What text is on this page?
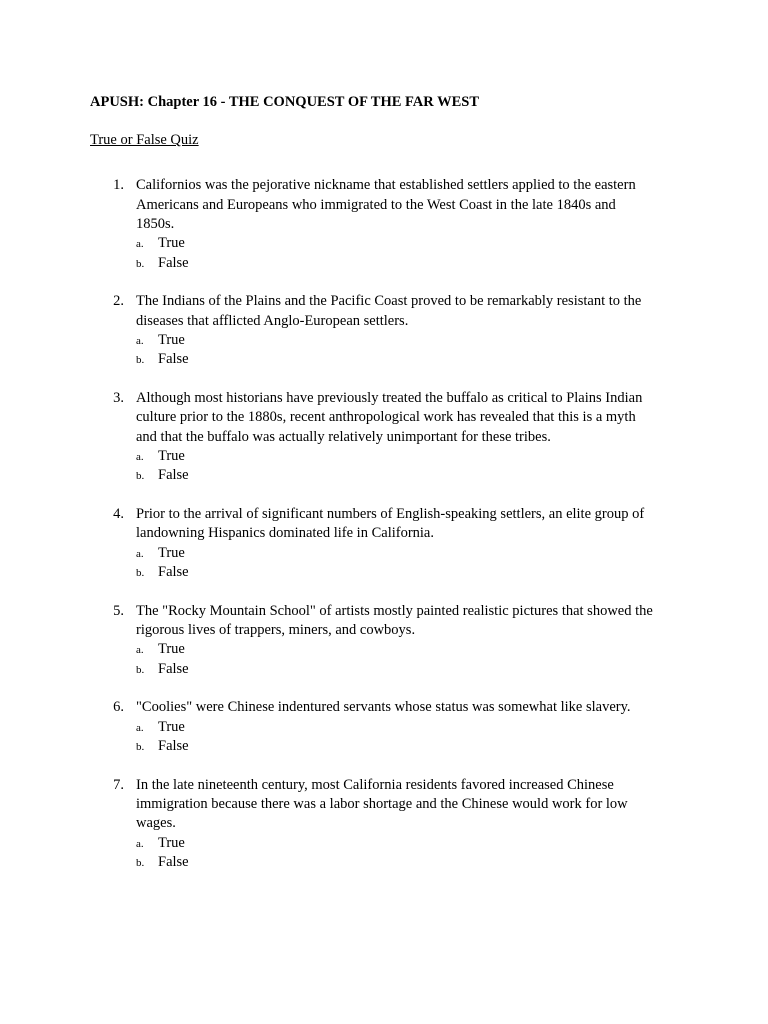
APUSH: Chapter 16 - THE CONQUEST OF THE FAR WEST
True or False Quiz
1. Californios was the pejorative nickname that established settlers applied to the eastern
Americans and Europeans who immigrated to the West Coast in the late 1840s and
1850s.
a. True
b. False
2. The Indians of the Plains and the Pacific Coast proved to be remarkably resistant to the
diseases that afflicted Anglo-European settlers.
a. True
b. False
3. Although most historians have previously treated the buffalo as critical to Plains Indian
culture prior to the 1880s, recent anthropological work has revealed that this is a myth
and that the buffalo was actually relatively unimportant for these tribes.
a. True
b. False
4. Prior to the arrival of significant numbers of English-speaking settlers, an elite group of
landowning Hispanics dominated life in California.
a. True
b. False
5. The "Rocky Mountain School" of artists mostly painted realistic pictures that showed the
rigorous lives of trappers, miners, and cowboys.
a. True
b. False
6. "Coolies" were Chinese indentured servants whose status was somewhat like slavery.
a. True
b. False
7. In the late nineteenth century, most California residents favored increased Chinese
immigration because there was a labor shortage and the Chinese would work for low
wages.
a. True
b. False
